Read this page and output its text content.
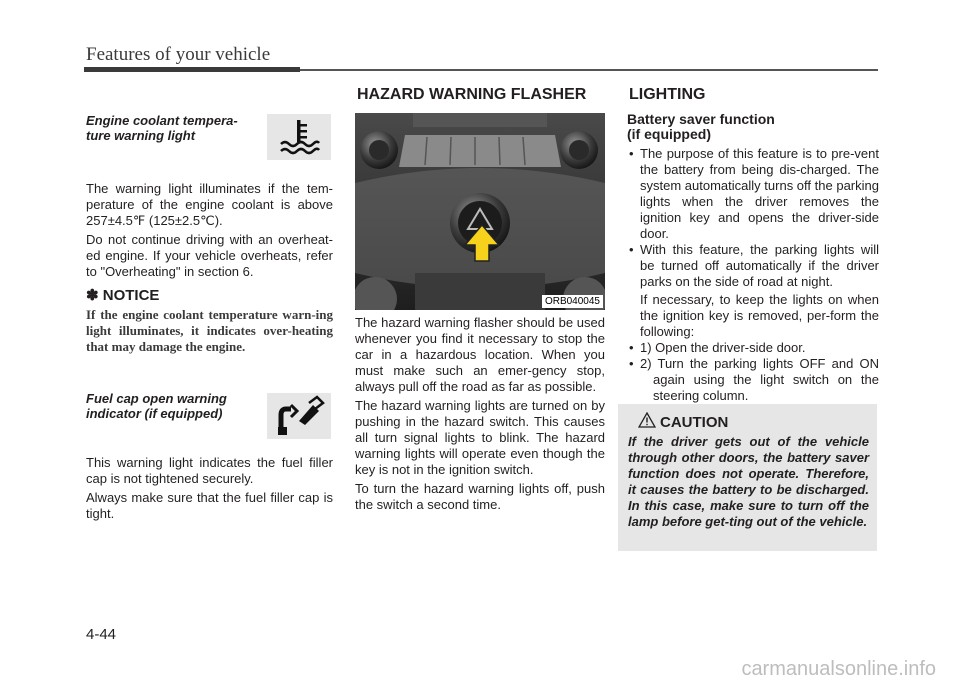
Features of your vehicle
Engine coolant tempera-
ture warning light

The warning light illuminates if the tem-perature of the engine coolant is above 257±4.5℉ (125±2.5℃).

Do not continue driving with an overheat-ed engine. If your vehicle overheats, refer to "Overheating" in section 6.

✽ NOTICE

If the engine coolant temperature warn-ing light illuminates, it indicates over-heating that may damage the engine.

Fuel cap open warning
indicator (if equipped)

This warning light indicates the fuel filler cap is not tightened securely.

Always make sure that the fuel filler cap is tight.

HAZARD WARNING FLASHER
ORB040045

The hazard warning flasher should be used whenever you find it necessary to stop the car in a hazardous location. When you must make such an emer-gency stop, always pull off the road as far as possible.

The hazard warning lights are turned on by pushing in the hazard switch. This causes all turn signal lights to blink. The hazard warning lights will operate even though the key is not in the ignition switch.

To turn the hazard warning lights off, push the switch a second time.

LIGHTING
Battery saver function
(if equipped)
• The purpose of this feature is to pre-vent the battery from being dis-charged. The system automatically turns off the parking lights when the driver removes the ignition key and opens the driver-side door.
• With this feature, the parking lights will be turned off automatically if the driver parks on the side of road at night.
If necessary, to keep the lights on when the ignition key is removed, per-form the following:
• 1) Open the driver-side door.
• 2) Turn the parking lights OFF and ON again using the light switch on the steering column.
CAUTION
If the driver gets out of the vehicle through other doors, the battery saver function does not operate. Therefore, it causes the battery to be discharged. In this case, make sure to turn off the lamp before get-ting out of the vehicle.
4-44
carmanualsonline.info
